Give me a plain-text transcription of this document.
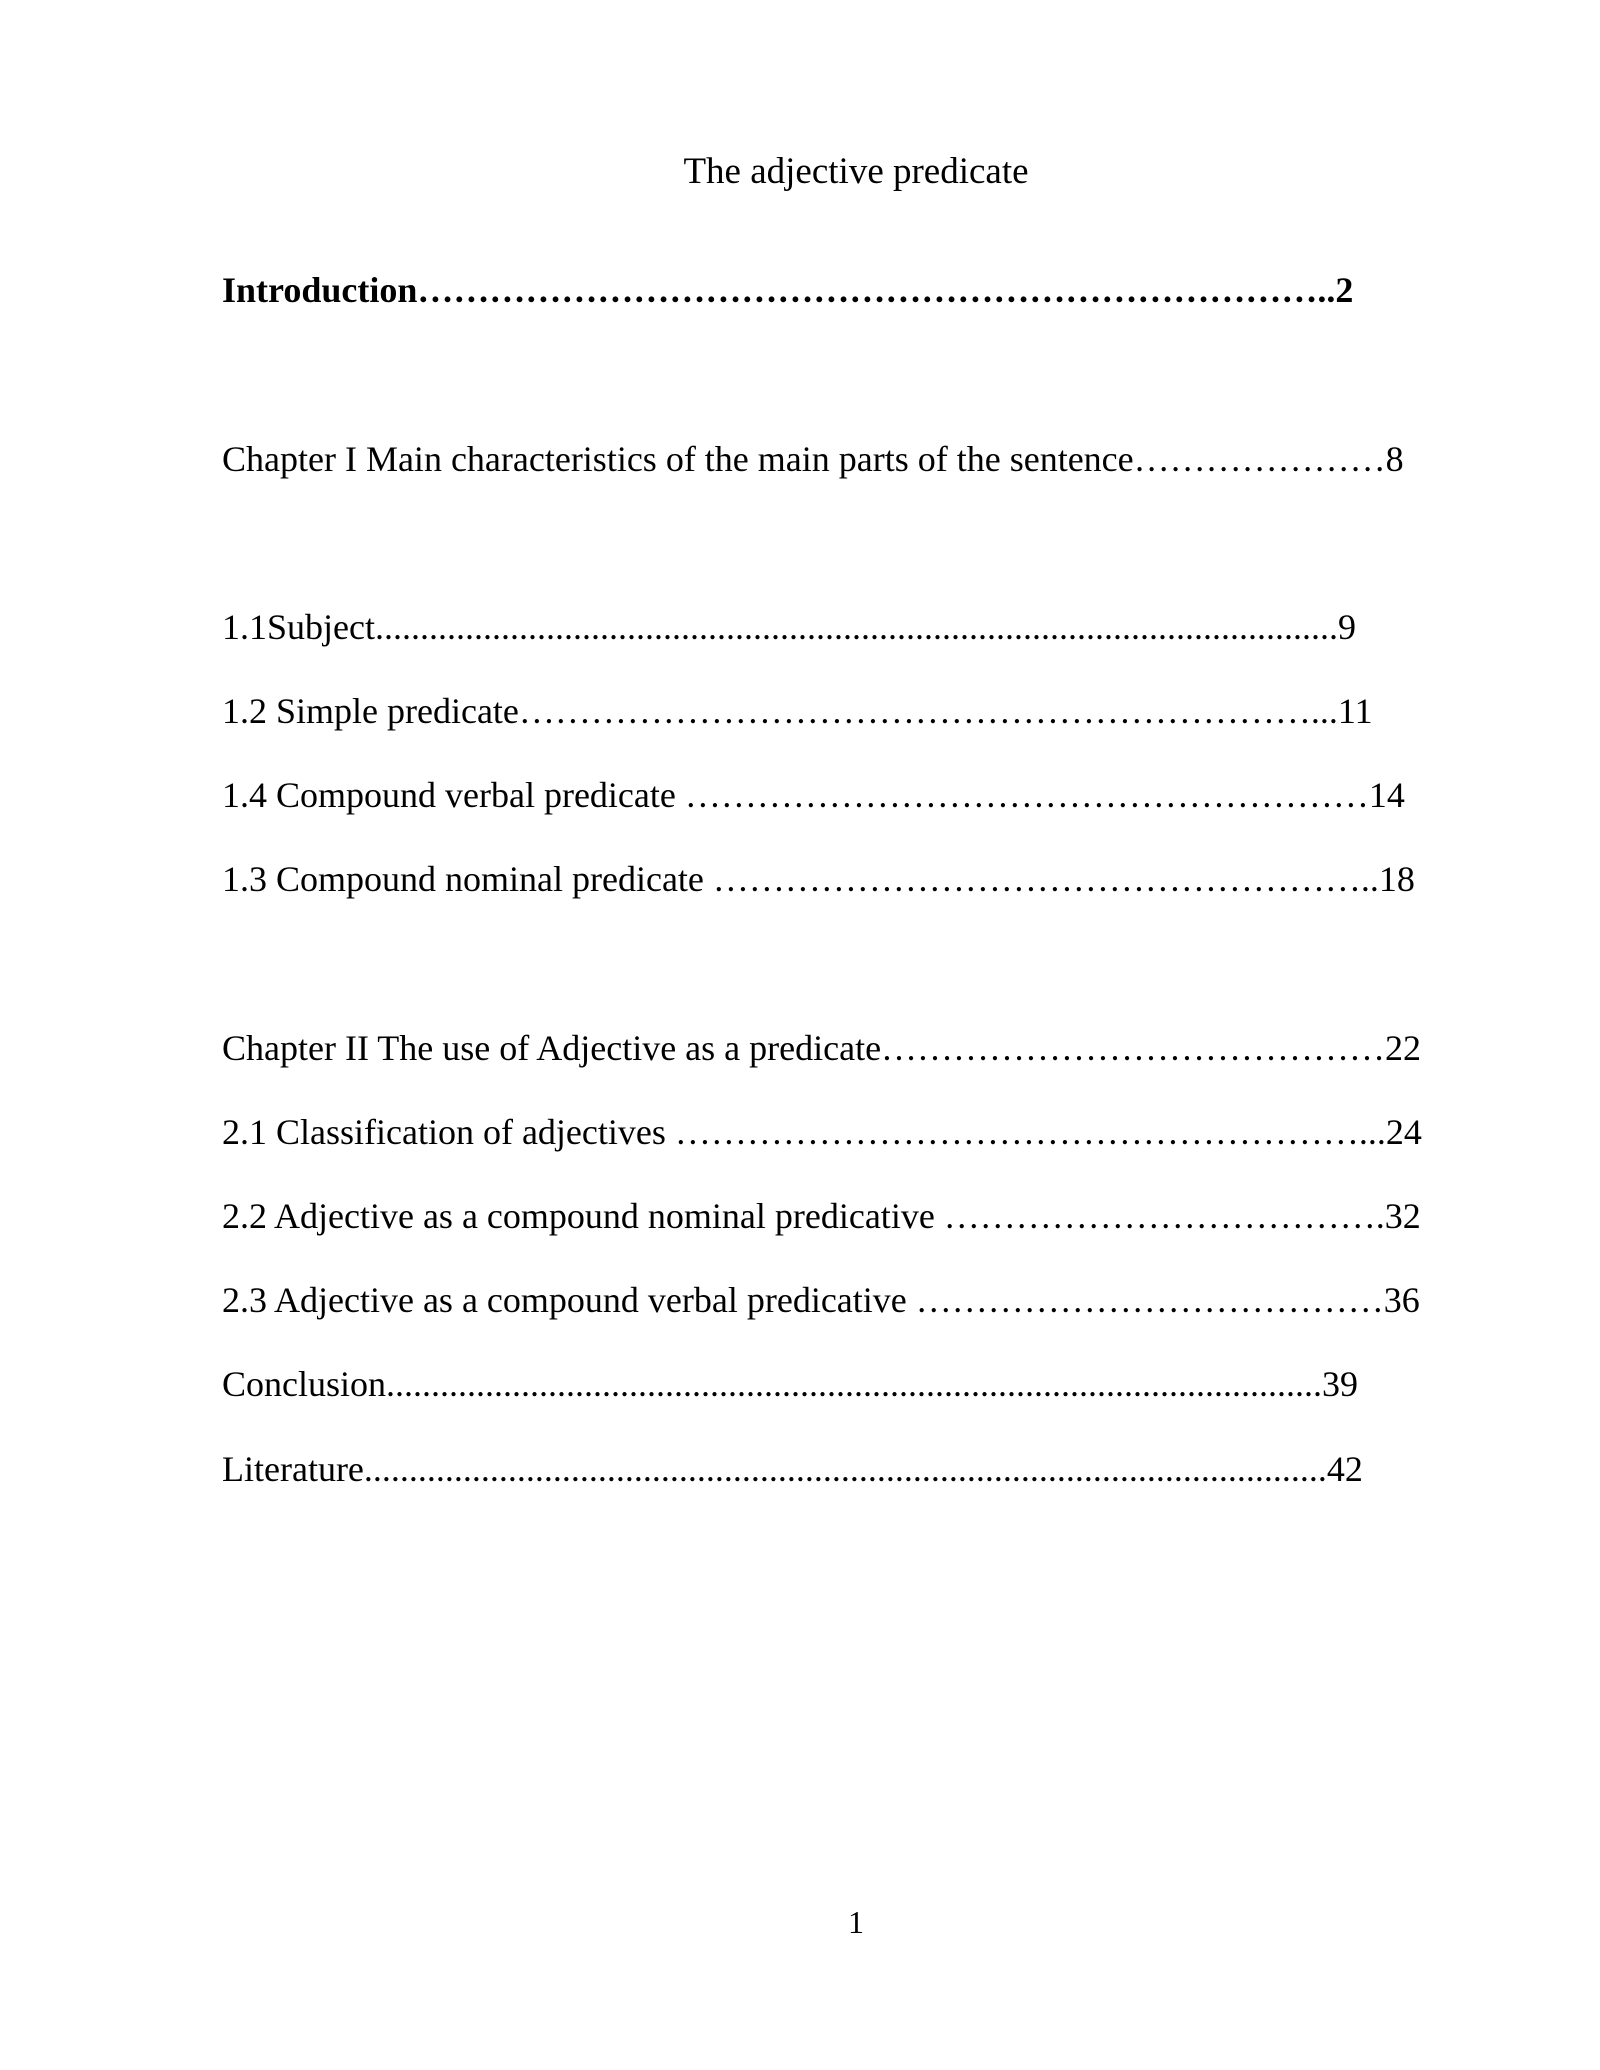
The adjective predicate
Introduction…………………………………………………………………..2
Chapter I Main characteristics of the main parts of the sentence…………………8
1.1Subject...........................................................................................................9
1.2 Simple predicate…………………………………………………………...11
1.4 Compound verbal predicate …………………………………………………14
1.3 Compound nominal predicate ………………………………………………..18
Chapter II The use of Adjective as a predicate……………………………………22
2.1 Classification of adjectives …………………………………………………...24
2.2 Adjective as a compound nominal predicative ……………………………….32
2.3 Adjective as a compound verbal predicative …………………………………36
Conclusion........................................................................................................39
Literature...........................................................................................................42
1
